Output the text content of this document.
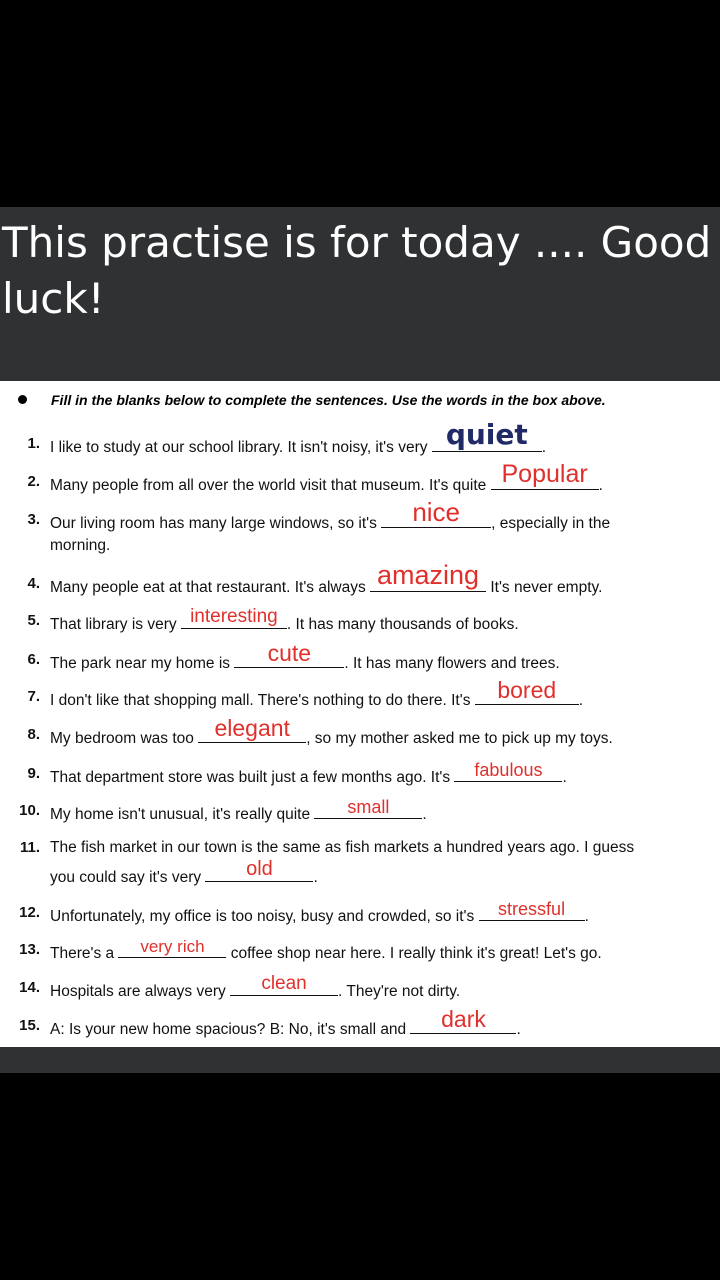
This practise is for today .... Good luck!

Fill in the blanks below to complete the sentences. Use the words in the box above.
1. I like to study at our school library. It isn't noisy, it's very quiet .
2. Many people from all over the world visit that museum. It's quite Popular .
3. Our living room has many large windows, so it's	nice	, especially in the
morning.
4. Many people eat at that restaurant. It's always amazing It's never empty.
5. That library is very interesting . It has many thousands of books.
6. The park near my home is	cute	. It has many flowers and trees.
7. I don't like that shopping mall. There's nothing to do there. It's bored	.
8. My bedroom was too elegant	, so my mother asked me to pick up my toys.
9. That department store was built just a few months ago. It's	fabulous	.
10. My home isn't unusual, it's really quite	small	.
11. The fish market in our town is the same as fish markets a hundred years ago. I guess
you could say it's very	old	.
12. Unfortunately, my office is too noisy, busy and crowded, so it's	stressful	.
13. There's a	very rich	coffee shop near here. I really think it's great! Let's go.
14. Hospitals are always very	clean	. They're not dirty.
15. A: Is your new home spacious? B: No, it's small and	dark	.
